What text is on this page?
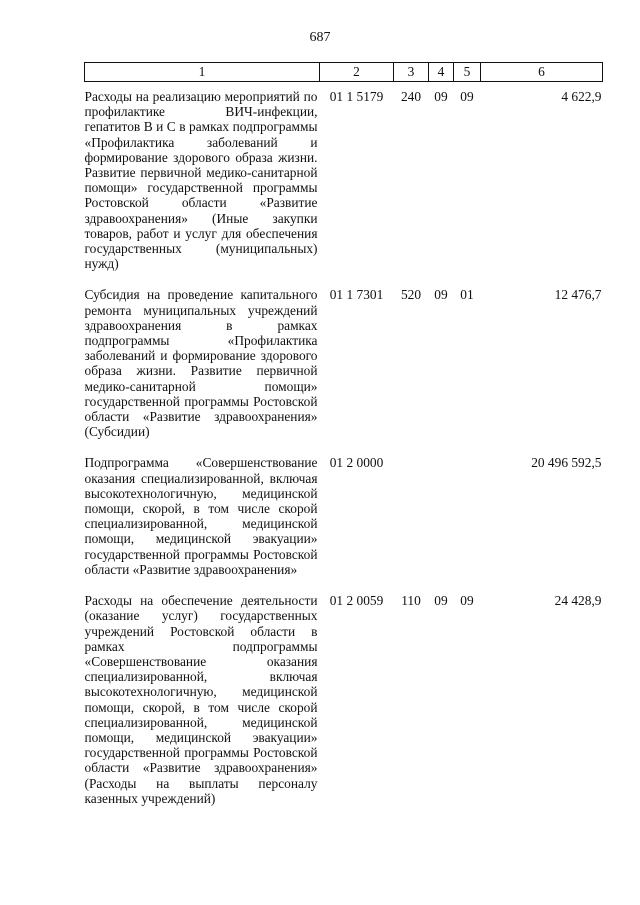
687
1	2	3	4	5	6
Расходы на реализацию мероприятий по профилактике ВИЧ-инфекции, гепатитов В и С в рамках подпрограммы «Профилактика заболеваний и формирование здорового образа жизни. Развитие первичной медико-санитарной помощи» государственной программы Ростовской области «Развитие здравоохранения» (Иные закупки товаров, работ и услуг для обеспечения государственных (муниципальных) нужд)	01 1 5179	240	09	09	4 622,9
Субсидия на проведение капитального ремонта муниципальных учреждений здравоохранения в рамках подпрограммы «Профилактика заболеваний и формирование здорового образа жизни. Развитие первичной медико-санитарной помощи» государственной программы Ростовской области «Развитие здравоохранения» (Субсидии)	01 1 7301	520	09	01	12 476,7
Подпрограмма «Совершенствование оказания специализированной, включая высокотехнологичную, медицинской помощи, скорой, в том числе скорой специализированной, медицинской помощи, медицинской эвакуации» государственной программы Ростовской области «Развитие здравоохранения»	01 2 0000				20 496 592,5
Расходы на обеспечение деятельности (оказание услуг) государственных учреждений Ростовской области в рамках подпрограммы «Совершенствование оказания специализированной, включая высокотехнологичную, медицинской помощи, скорой, в том числе скорой специализированной, медицинской помощи, медицинской эвакуации» государственной программы Ростовской области «Развитие здравоохранения» (Расходы на выплаты персоналу казенных учреждений)	01 2 0059	110	09	09	24 428,9
